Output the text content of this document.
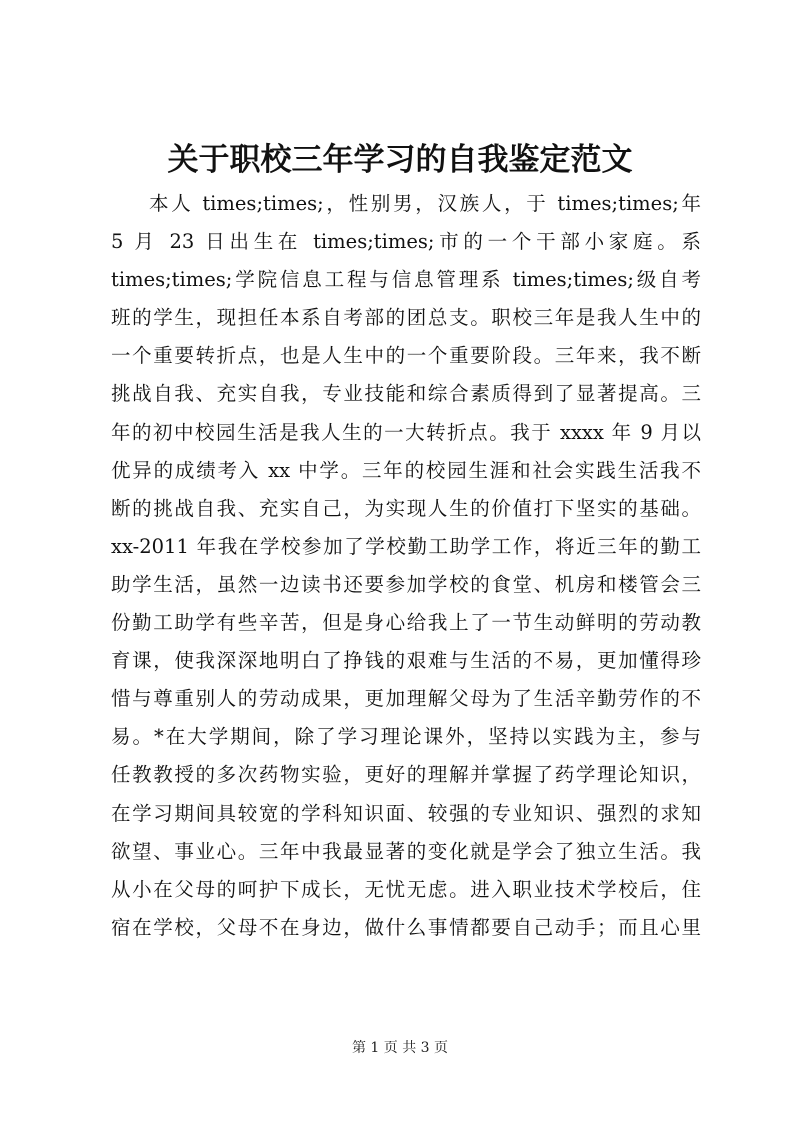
关于职校三年学习的自我鉴定范文
本人 times;times;，性别男，汉族人，于 times;times;年
5 月 23 日出生在 times;times;市的一个干部小家庭。系
times;times;学院信息工程与信息管理系 times;times;级自考
班的学生，现担任本系自考部的团总支。职校三年是我人生中的
一个重要转折点，也是人生中的一个重要阶段。三年来，我不断
挑战自我、充实自我，专业技能和综合素质得到了显著提高。三
年的初中校园生活是我人生的一大转折点。我于 xxxx 年 9 月以
优异的成绩考入 xx 中学。三年的校园生涯和社会实践生活我不
断的挑战自我、充实自己，为实现人生的价值打下坚实的基础。
xx-2011 年我在学校参加了学校勤工助学工作，将近三年的勤工
助学生活，虽然一边读书还要参加学校的食堂、机房和楼管会三
份勤工助学有些辛苦，但是身心给我上了一节生动鲜明的劳动教
育课，使我深深地明白了挣钱的艰难与生活的不易，更加懂得珍
惜与尊重别人的劳动成果，更加理解父母为了生活辛勤劳作的不
易。*在大学期间，除了学习理论课外，坚持以实践为主，参与
任教教授的多次药物实验，更好的理解并掌握了药学理论知识，
在学习期间具较宽的学科知识面、较强的专业知识、强烈的求知
欲望、事业心。三年中我最显著的变化就是学会了独立生活。我
从小在父母的呵护下成长，无忧无虑。进入职业技术学校后，住
宿在学校，父母不在身边，做什么事情都要自己动手；而且心里
第 1 页 共 3 页
